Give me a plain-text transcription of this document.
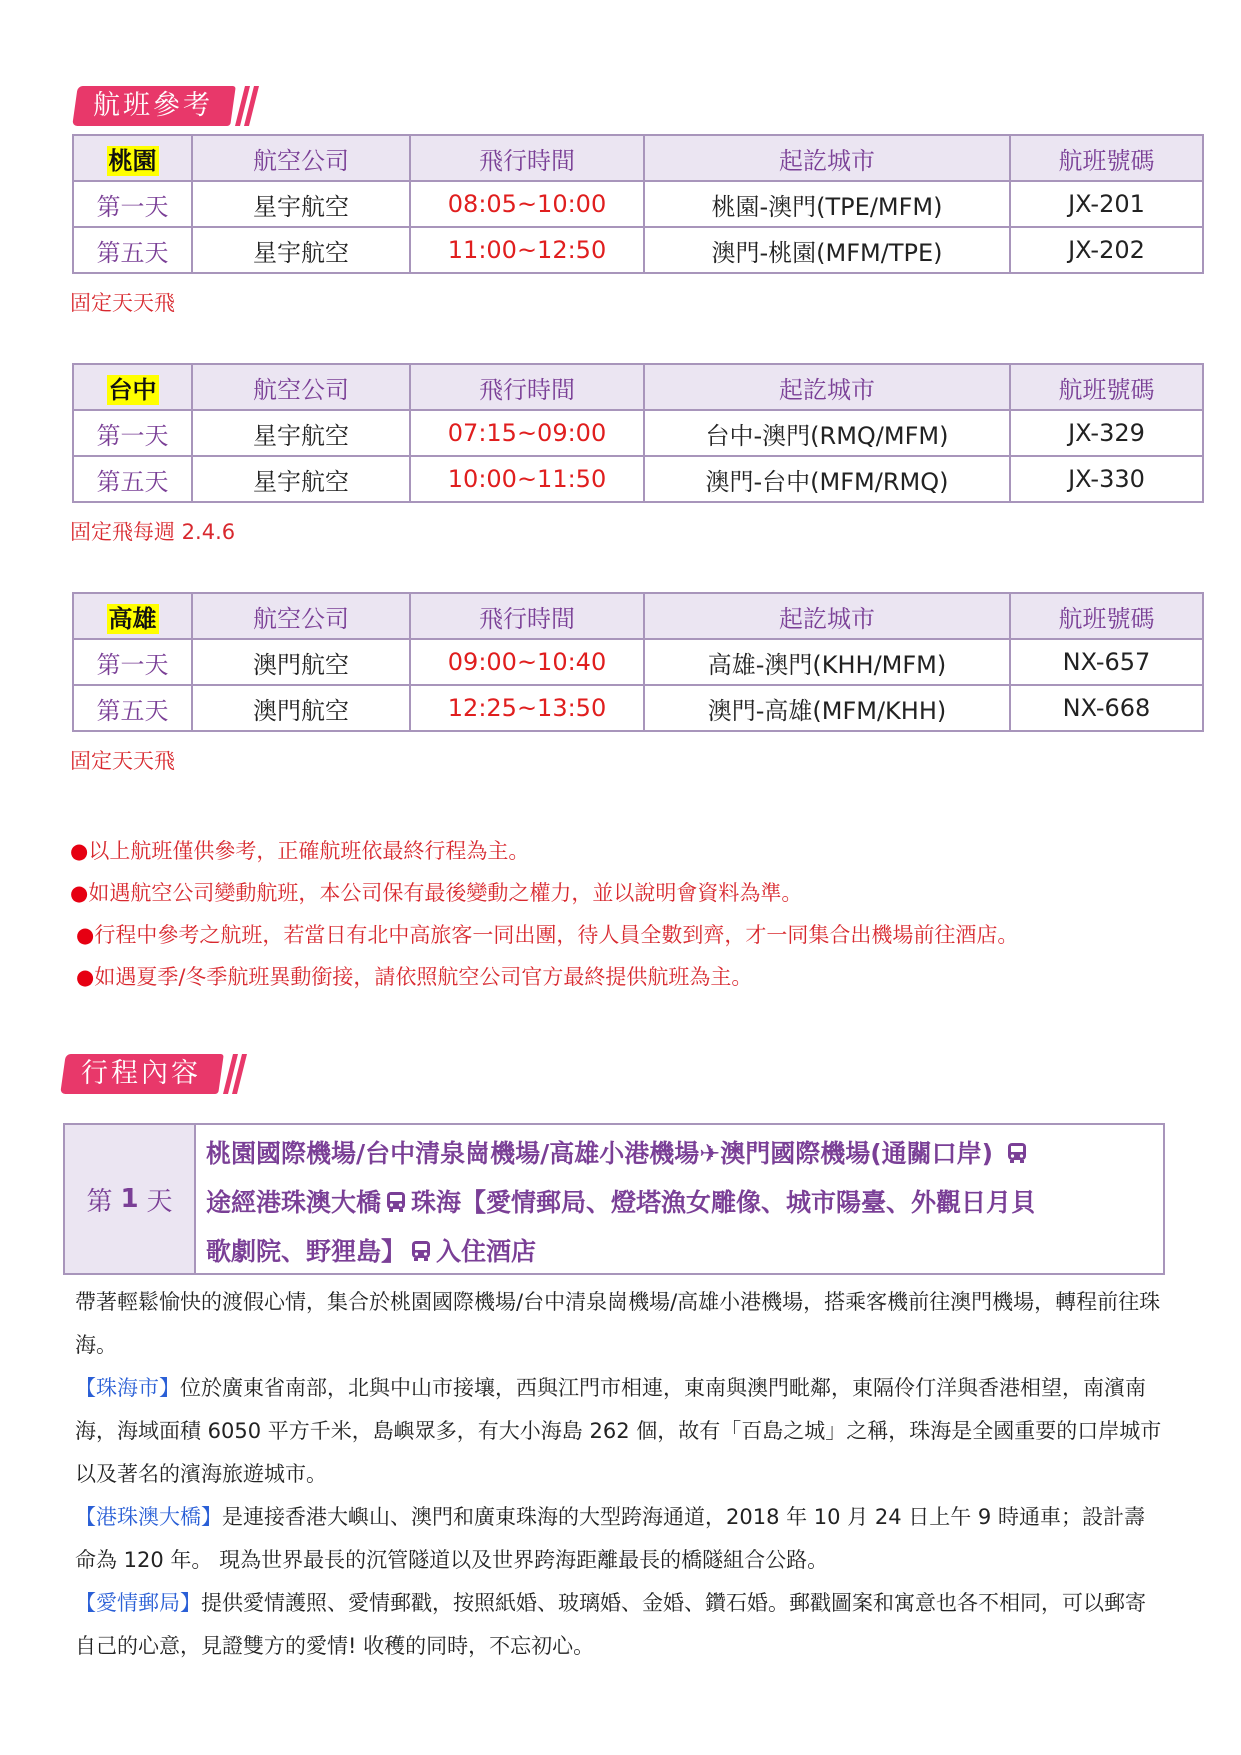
航班參考
桃園	航空公司	飛行時間	起訖城市	航班號碼
第一天	星宇航空	08:05~10:00	桃園-澳門(TPE/MFM)	JX-201
第五天	星宇航空	11:00~12:50	澳門-桃園(MFM/TPE)	JX-202
固定天天飛
台中	航空公司	飛行時間	起訖城市	航班號碼
第一天	星宇航空	07:15~09:00	台中-澳門(RMQ/MFM)	JX-329
第五天	星宇航空	10:00~11:50	澳門-台中(MFM/RMQ)	JX-330
固定飛每週 2.4.6
高雄	航空公司	飛行時間	起訖城市	航班號碼
第一天	澳門航空	09:00~10:40	高雄-澳門(KHH/MFM)	NX-657
第五天	澳門航空	12:25~13:50	澳門-高雄(MFM/KHH)	NX-668
固定天天飛
●以上航班僅供參考，正確航班依最終行程為主。
●如遇航空公司變動航班，本公司保有最後變動之權力，並以說明會資料為準。
●行程中參考之航班，若當日有北中高旅客一同出團，待人員全數到齊，才一同集合出機場前往酒店。
●如遇夏季/冬季航班異動銜接，請依照航空公司官方最終提供航班為主。
行程內容
第 1 天
桃園國際機場/台中清泉崗機場/高雄小港機場✈澳門國際機場(通關口岸)
途經港珠澳大橋 珠海【愛情郵局、燈塔漁女雕像、城市陽臺、外觀日月貝
歌劇院、野狸島】 入住酒店

帶著輕鬆愉快的渡假心情，集合於桃園國際機場/台中清泉崗機場/高雄小港機場，搭乘客機前往澳門機場，轉程前往珠海。

【珠海市】位於廣東省南部，北與中山市接壤，西與江門市相連，東南與澳門毗鄰，東隔伶仃洋與香港相望，南濱南海，海域面積 6050 平方千米，島嶼眾多，有大小海島 262 個，故有「百島之城」之稱，珠海是全國重要的口岸城市以及著名的濱海旅遊城市。

【港珠澳大橋】是連接香港大嶼山、澳門和廣東珠海的大型跨海通道，2018 年 10 月 24 日上午 9 時通車；設計壽命為 120 年。 現為世界最長的沉管隧道以及世界跨海距離最長的橋隧組合公路。

【愛情郵局】提供愛情護照、愛情郵戳，按照紙婚、玻璃婚、金婚、鑽石婚。郵戳圖案和寓意也各不相同，可以郵寄自己的心意，見證雙方的愛情! 收穫的同時，不忘初心。
